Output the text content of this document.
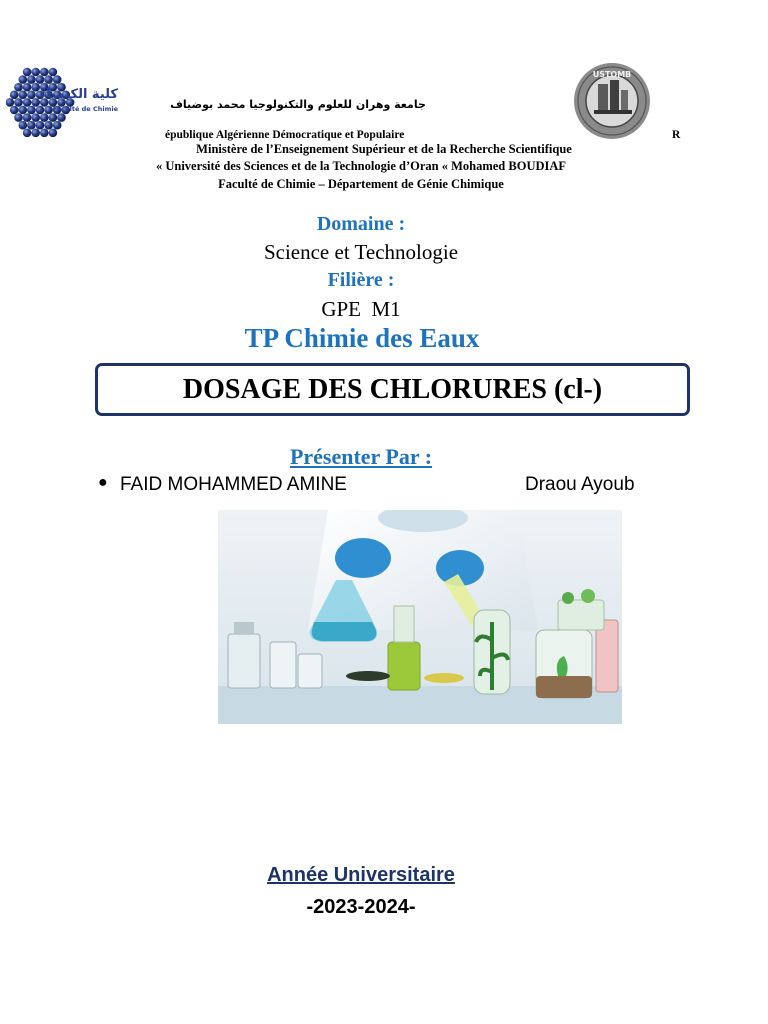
كلية الكيمياء
Faculté de Chimie	جامعة وهران للعلوم والتكنولوجيا محمد بوضياف
USTOMB
épublique Algérienne Démocratique et Populaire	R
Ministère de l’Enseignement Supérieur et de la Recherche Scientifique
« Université des Sciences et de la Technologie d’Oran « Mohamed BOUDIAF
Faculté de Chimie – Département de Génie Chimique
Domaine :
Science et Technologie
Filière :
GPE  M1
TP Chimie des Eaux
DOSAGE DES CHLORURES (cl-)
Présenter Par :
● FAID MOHAMMED AMINE	Draou Ayoub
Année Universitaire
-2023-2024-
